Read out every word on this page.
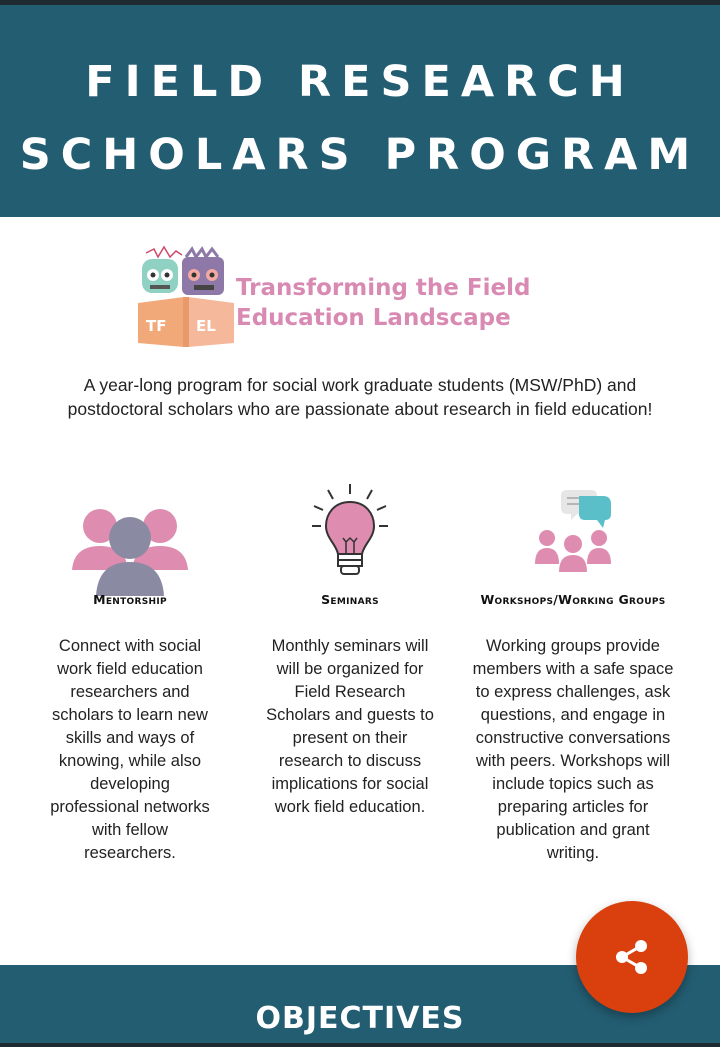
FIELD RESEARCH
SCHOLARS PROGRAM
TF EL
Transforming the Field
Education Landscape
A year-long program for social work graduate students (MSW/PhD) and
postdoctoral scholars who are passionate about research in field education!
Mentorship
Connect with social work field education researchers and scholars to learn new skills and ways of knowing, while also developing professional networks with fellow researchers.
Seminars
Monthly seminars will will be organized for Field Research Scholars and guests to present on their research to discuss implications for social work field education.
Workshops/Working Groups
Working groups provide members with a safe space to express challenges, ask questions, and engage in constructive conversations with peers. Workshops will include topics such as preparing articles for publication and grant writing.
OBJECTIVES
